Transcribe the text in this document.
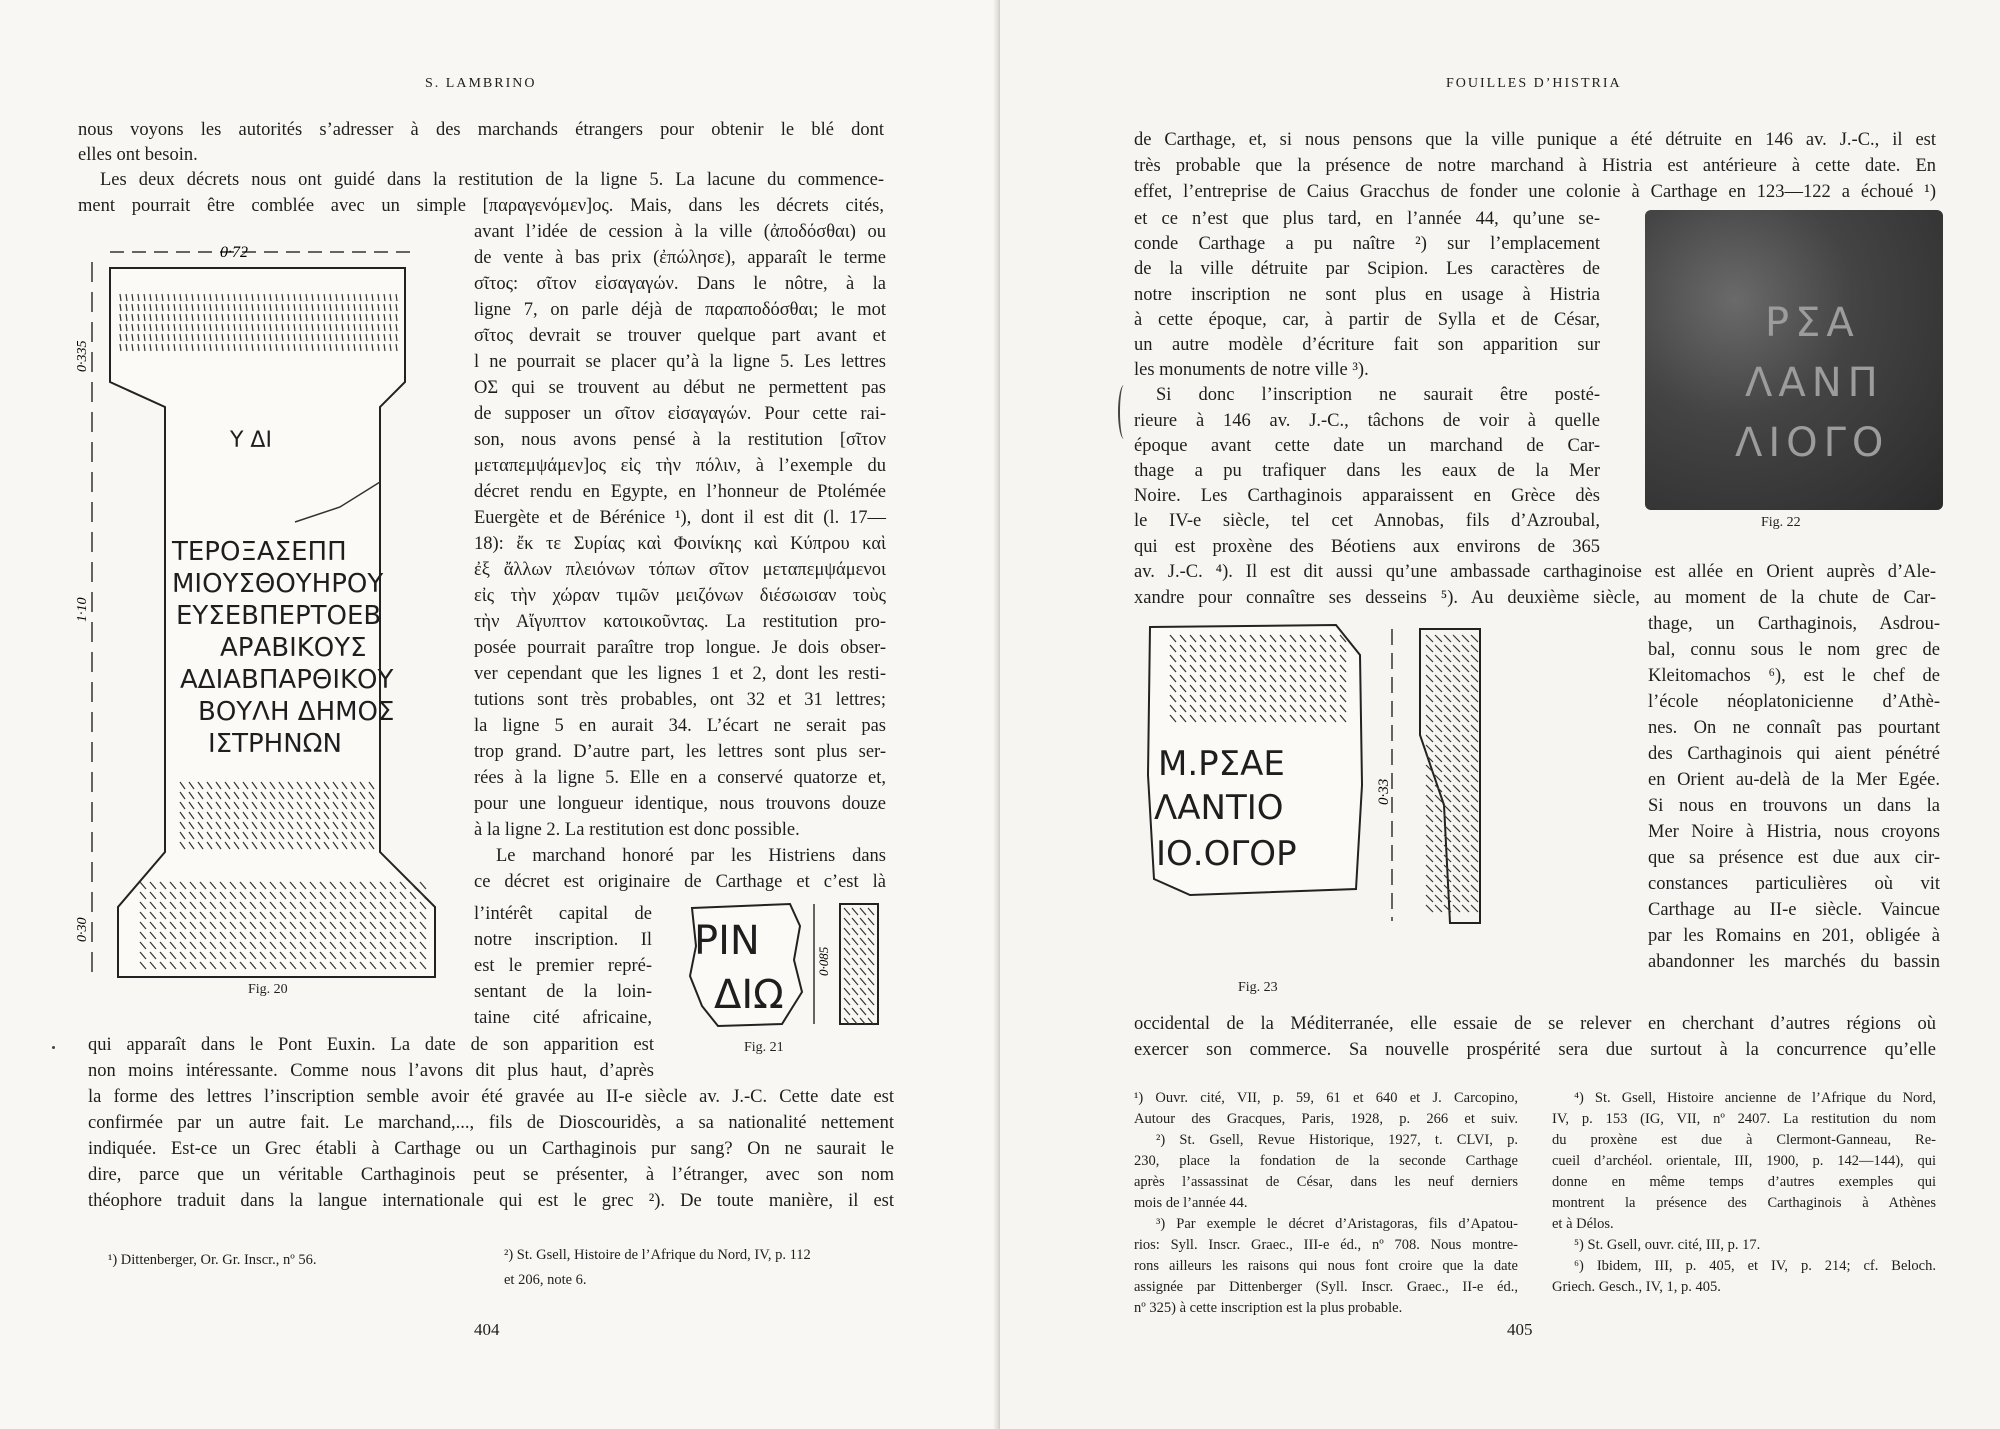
S. LAMBRINO
nous voyons les autorités s’adresser à des marchands étrangers pour obtenir le blé dont
elles ont besoin.
Les deux décrets nous ont guidé dans la restitution de la ligne 5. La lacune du commence-
ment pourrait être comblée avec un simple [παραγενόμεν]ος. Mais, dans les décrets cités,
avant l’idée de cession à la ville (ἀποδόσθαι) ou
de vente à bas prix (ἐπώλησε), apparaît le terme
σῖτος: σῖτον εἰσαγαγών. Dans le nôtre, à la
ligne 7, on parle déjà de παραποδόσθαι; le mot
σῖτος devrait se trouver quelque part avant et
l ne pourrait se placer qu’à la ligne 5. Les lettres
ΟΣ qui se trouvent au début ne permettent pas
de supposer un σῖτον εἰσαγαγών. Pour cette rai-
son, nous avons pensé à la restitution [σῖτον
μεταπεμψάμεν]ος εἰς τὴν πόλιν, à l’exemple du
décret rendu en Egypte, en l’honneur de Ptolémée
Euergète et de Bérénice ¹), dont il est dit (l. 17—
18): ἔκ τε Συρίας καὶ Φοινίκης καὶ Κύπρου καὶ
ἐξ ἄλλων πλειόνων τόπων σῖτον μεταπεμψάμενοι
εἰς τὴν χώραν τιμῶν μειζόνων διέσωισαν τοὺς
τὴν Αἴγυπτον κατοικοῦντας. La restitution pro-
posée pourrait paraître trop longue. Je dois obser-
ver cependant que les lignes 1 et 2, dont les resti-
tutions sont très probables, ont 32 et 31 lettres;
la ligne 5 en aurait 34. L’écart ne serait pas
trop grand. D’autre part, les lettres sont plus ser-
rées à la ligne 5. Elle en a conservé quatorze et,
pour une longueur identique, nous trouvons douze
à la ligne 2. La restitution est donc possible.
Le marchand honoré par les Histriens dans
ce décret est originaire de Carthage et c’est là
l’intérêt capital de
notre inscription. Il
est le premier repré-
sentant de la loin-
taine cité africaine,
qui apparaît dans le Pont Euxin. La date de son apparition est
non moins intéressante. Comme nous l’avons dit plus haut, d’après
la forme des lettres l’inscription semble avoir été gravée au II-e siècle av. J.-C. Cette date est
confirmée par un autre fait. Le marchand,..., fils de Dioscouridès, a sa nationalité nettement
indiquée. Est-ce un Grec établi à Carthage ou un Carthaginois pur sang? On ne saurait le
dire, parce que un véritable Carthaginois peut se présenter, à l’étranger, avec son nom
théophore traduit dans la langue internationale qui est le grec ²). De toute manière, il est
0·72
0·335
1·10
0·30
Υ ΔΙ
ΤΕΡΟΞΑΣΕΠΠ
ΜΙΟΥΣΘΟΥΗΡΟΥ
ΕΥΣΕΒΠΕΡΤΟΕΒ
ΑΡΑΒΙΚΟΥΣ
ΑΔΙΑΒΠΑΡΘΙΚΟΥ
ΒΟΥΛΗ ΔΗΜΟΣ
ΙΣΤΡΗΝΩΝ
Fig. 20
ΡΙΝ
ΔΙΩ
0·085
Fig. 21
¹) Dittenberger, Or. Gr. Inscr., nº 56.	²) St. Gsell, Histoire de l’Afrique du Nord, IV, p. 112
et 206, note 6.
404
FOUILLES D’HISTRIA
de Carthage, et, si nous pensons que la ville punique a été détruite en 146 av. J.-C., il est
très probable que la présence de notre marchand à Histria est antérieure à cette date. En
effet, l’entreprise de Caius Gracchus de fonder une colonie à Carthage en 123—122 a échoué ¹)
et ce n’est que plus tard, en l’année 44, qu’une se-
conde Carthage a pu naître ²) sur l’emplacement
de la ville détruite par Scipion. Les caractères de
notre inscription ne sont plus en usage à Histria
à cette époque, car, à partir de Sylla et de César,
un autre modèle d’écriture fait son apparition sur
les monuments de notre ville ³).
Si donc l’inscription ne saurait être posté-
rieure à 146 av. J.-C., tâchons de voir à quelle
époque avant cette date un marchand de Car-
thage a pu trafiquer dans les eaux de la Mer
Noire. Les Carthaginois apparaissent en Grèce dès
le IV-e siècle, tel cet Annobas, fils d’Azroubal,
qui est proxène des Béotiens aux environs de 365
ΡΣΑ
ΛΑΝΠ
ΛΙΟΓΟ
Fig. 22
av. J.-C. ⁴). Il est dit aussi qu’une ambassade carthaginoise est allée en Orient auprès d’Ale-
xandre pour connaître ses desseins ⁵). Au deuxième siècle, au moment de la chute de Car-
Μ.ΡΣΑΕ
ΛΑΝΤΙΟ
ΙΟ.ΟΓΟΡ
0·33
Fig. 23
thage, un Carthaginois, Asdrou-
bal, connu sous le nom grec de
Kleitomachos ⁶), est le chef de
l’école néoplatonicienne d’Athè-
nes. On ne connaît pas pourtant
des Carthaginois qui aient pénétré
en Orient au-delà de la Mer Egée.
Si nous en trouvons un dans la
Mer Noire à Histria, nous croyons
que sa présence est due aux cir-
constances particulières où vit
Carthage au II-e siècle. Vaincue
par les Romains en 201, obligée à
abandonner les marchés du bassin
occidental de la Méditerranée, elle essaie de se relever en cherchant d’autres régions où
exercer son commerce. Sa nouvelle prospérité sera due surtout à la concurrence qu’elle
¹) Ouvr. cité, VII, p. 59, 61 et 640 et J. Carcopino,
Autour des Gracques, Paris, 1928, p. 266 et suiv.
²) St. Gsell, Revue Historique, 1927, t. CLVI, p.
230, place la fondation de la seconde Carthage
après l’assassinat de César, dans les neuf derniers
mois de l’année 44.
³) Par exemple le décret d’Aristagoras, fils d’Apatou-
rios: Syll. Inscr. Graec., III-e éd., nº 708. Nous montre-
rons ailleurs les raisons qui nous font croire que la date
assignée par Dittenberger (Syll. Inscr. Graec., II-e éd.,
nº 325) à cette inscription est la plus probable.
⁴) St. Gsell, Histoire ancienne de l’Afrique du Nord,
IV, p. 153 (IG, VII, nº 2407. La restitution du nom
du proxène est due à Clermont-Ganneau, Re-
cueil d’archéol. orientale, III, 1900, p. 142—144), qui
donne en même temps d’autres exemples qui
montrent la présence des Carthaginois à Athènes
et à Délos.
⁵) St. Gsell, ouvr. cité, III, p. 17.
⁶) Ibidem, III, p. 405, et IV, p. 214; cf. Beloch.
Griech. Gesch., IV, 1, p. 405.
405
